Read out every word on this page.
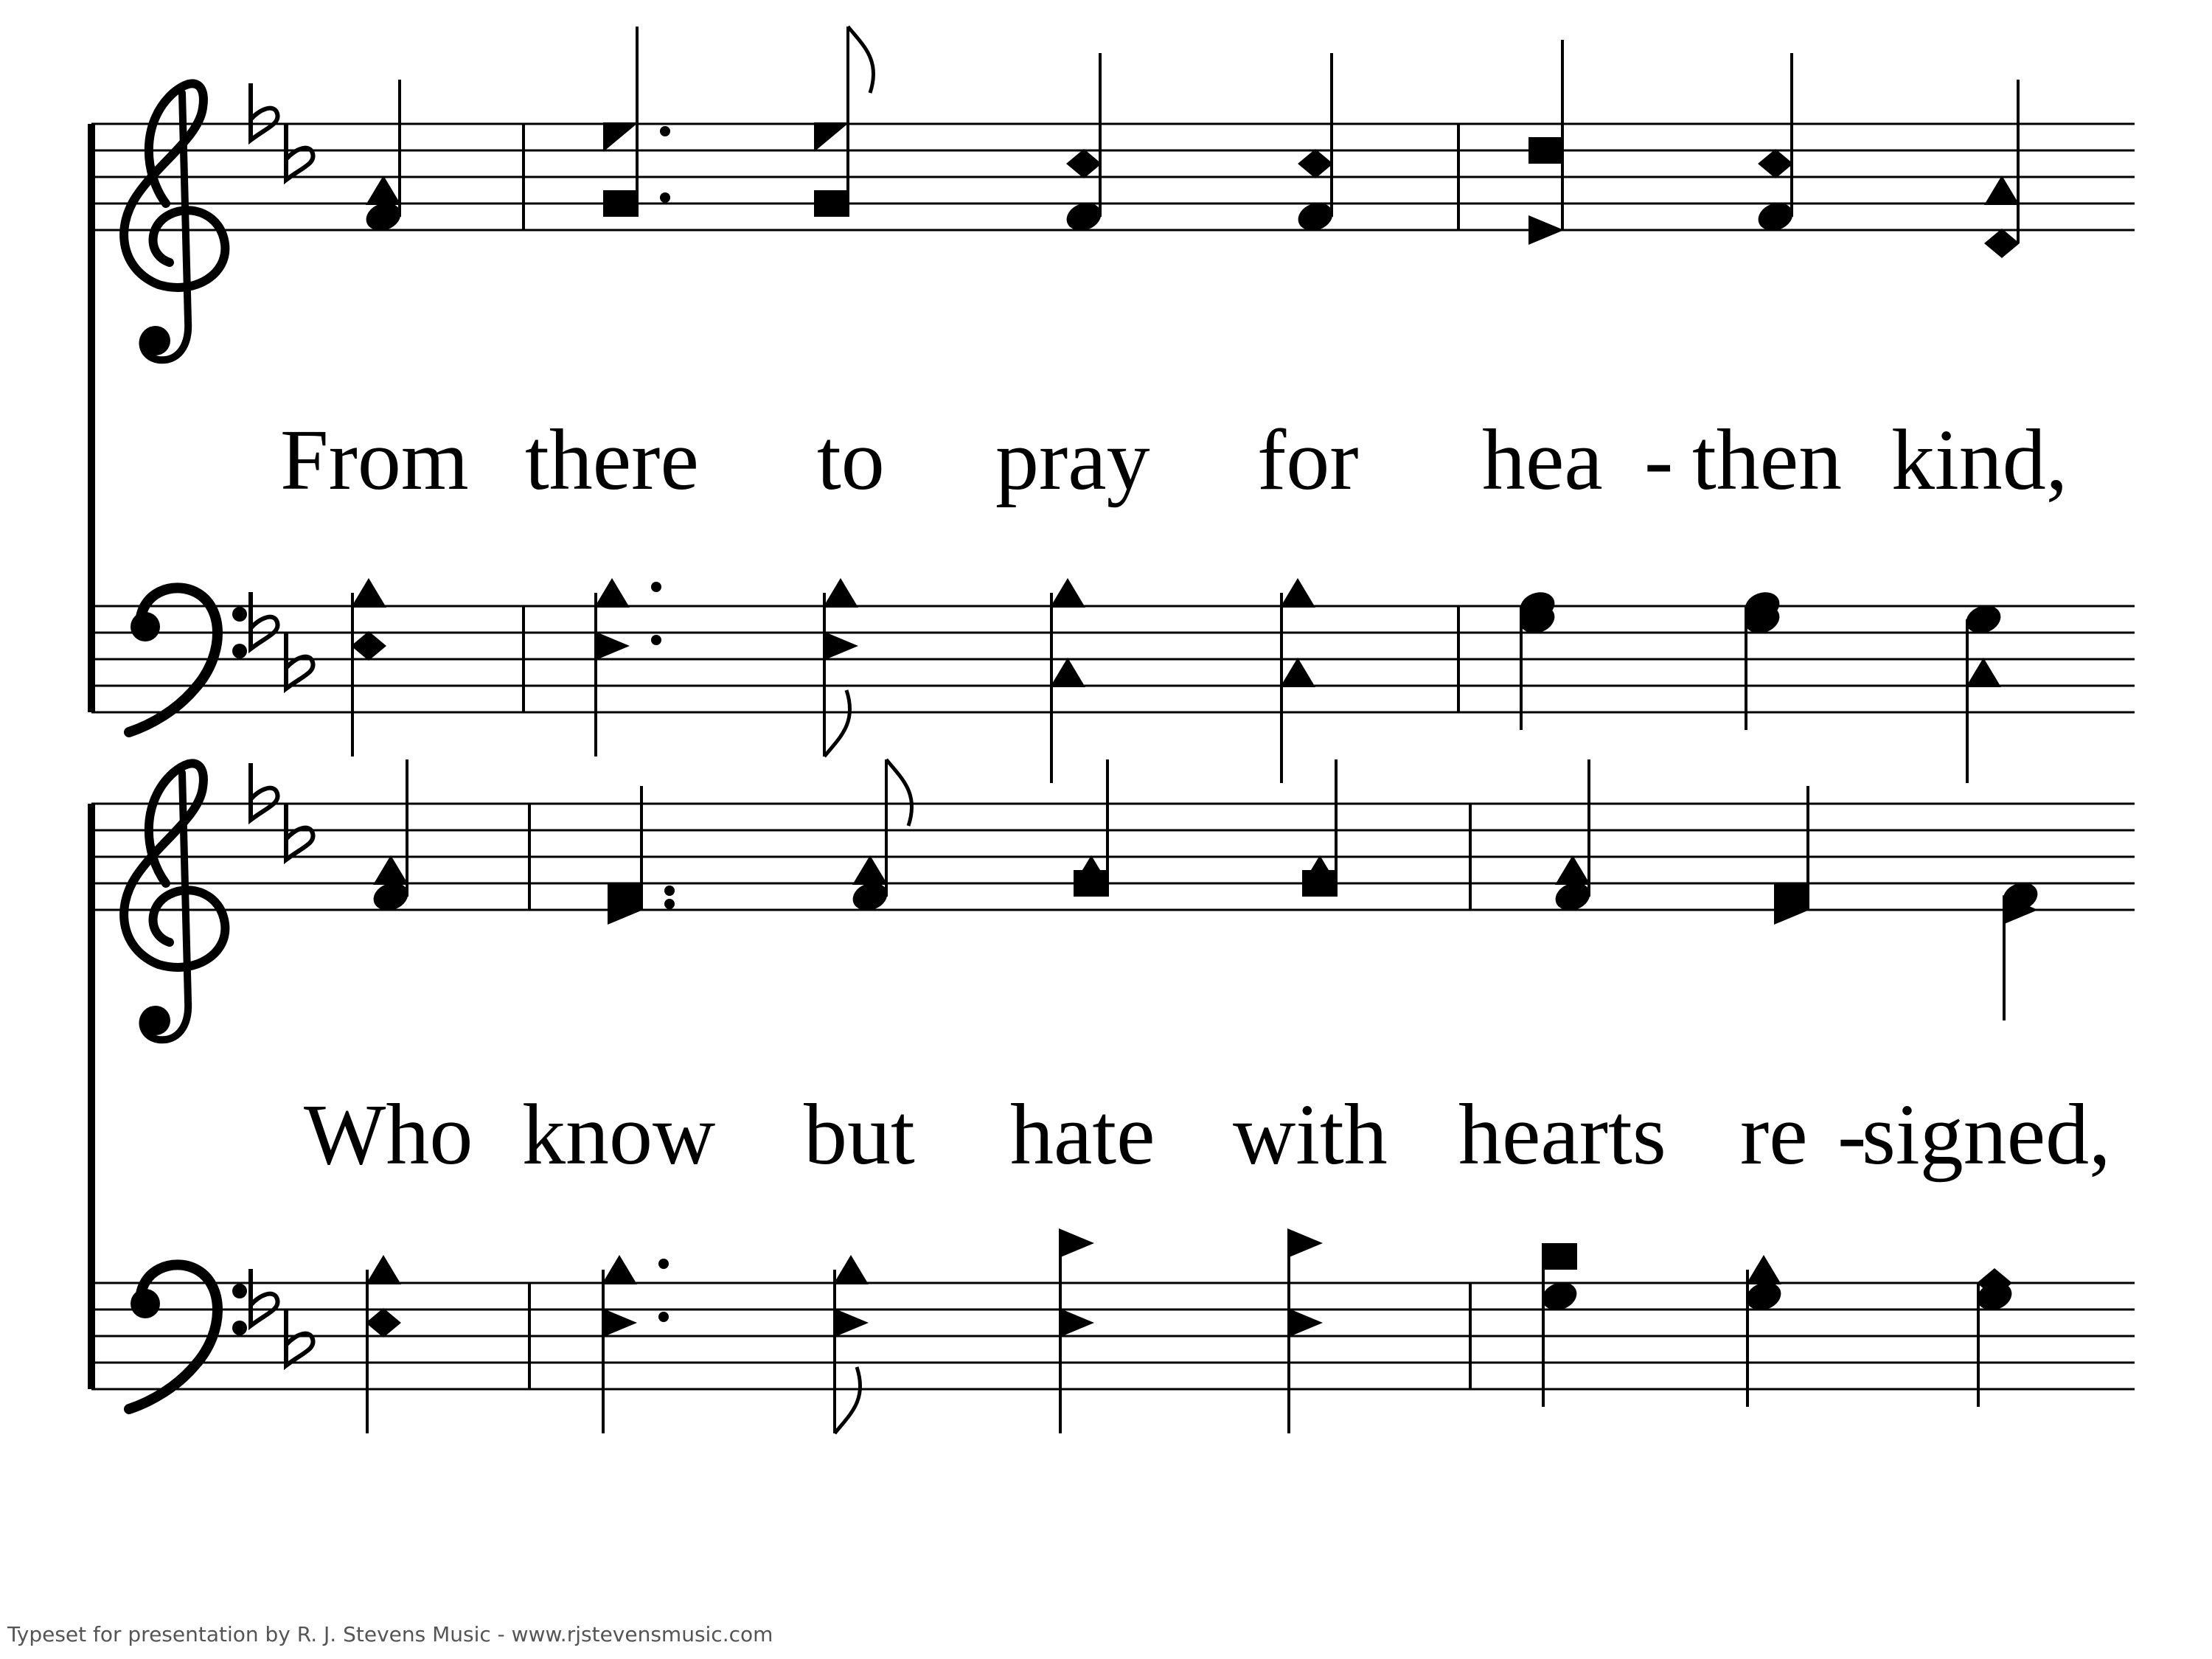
From there to pray for hea - then kind,
Who know but hate with hearts re -
signed,
Typeset for presentation by R. J. Stevens Music - www.rjstevensmusic.com
